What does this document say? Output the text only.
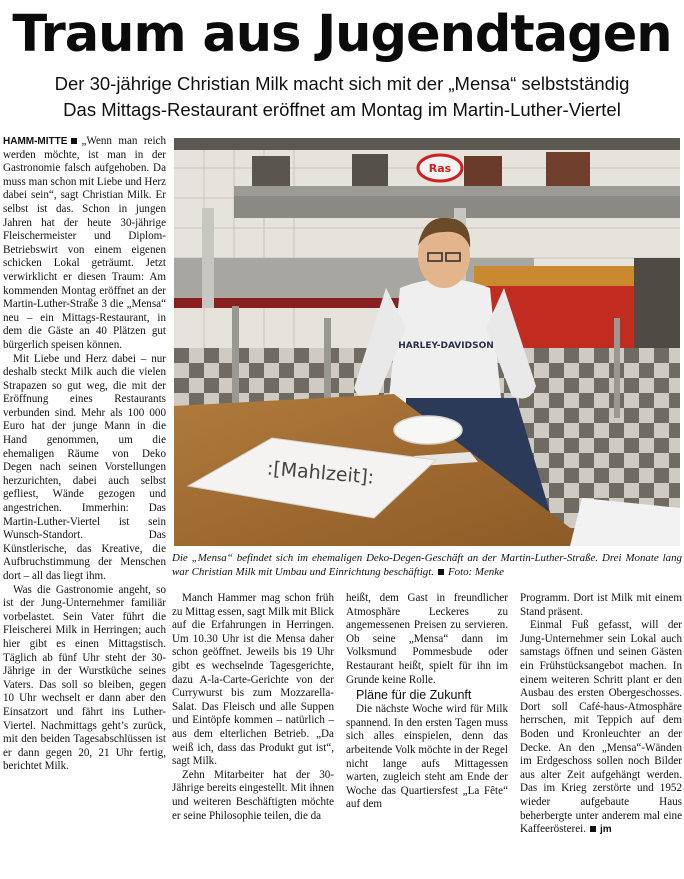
Traum aus Jugendtagen

Der 30-jährige Christian Milk macht sich mit der „Mensa“ selbstständig

Das Mittags-Restaurant eröffnet am Montag im Martin-Luther-Viertel

HAMM-MITTE „Wenn man reich werden möchte, ist man in der Gastronomie falsch aufgehoben. Da muss man schon mit Liebe und Herz dabei sein“, sagt Christian Milk. Er selbst ist das. Schon in jungen Jahren hat der heute 30-jährige Fleischermeister und Diplom-Betriebswirt von einem eigenen schicken Lokal geträumt. Jetzt verwirklicht er diesen Traum: Am kommenden Montag eröffnet an der Martin-Luther-Straße 3 die „Mensa“ neu – ein Mittags-Restaurant, in dem die Gäste an 40 Plätzen gut bürgerlich speisen können.

Mit Liebe und Herz dabei – nur deshalb steckt Milk auch die vielen Strapazen so gut weg, die mit der Eröffnung eines Restaurants verbunden sind. Mehr als 100 000 Euro hat der junge Mann in die Hand genommen, um die ehemaligen Räume von Deko Degen nach seinen Vorstellungen herzurichten, dabei auch selbst gefliest, Wände gezogen und angestrichen. Immerhin: Das Martin-Luther-Viertel ist sein Wunsch-Standort. Das Künstlerische, das Kreative, die Aufbruchstimmung der Menschen dort – all das liegt ihm.

Was die Gastronomie angeht, so ist der Jung-Unternehmer familiär vorbelastet. Sein Vater führt die Fleischerei Milk in Herringen; auch hier gibt es einen Mittagstisch. Täglich ab fünf Uhr steht der 30-Jährige in der Wurstküche seines Vaters. Das soll so bleiben, gegen 10 Uhr wechselt er dann aber den Einsatzort und fährt ins Luther-Viertel. Nachmittags geht’s zurück, mit den beiden Tagesabschlüssen ist er dann gegen 20, 21 Uhr fertig, berichtet Milk.

Ras
HARLEY-DAVIDSON
:[Mahlzeit]:
Die „Mensa“ befindet sich im ehemaligen Deko-Degen-Geschäft an der Martin-Luther-Straße. Drei Monate lang war Christian Milk mit Umbau und Einrichtung beschäftigt. Foto: Menke

Manch Hammer mag schon früh zu Mittag essen, sagt Milk mit Blick auf die Erfahrungen in Herringen. Um 10.30 Uhr ist die Mensa daher schon geöffnet. Jeweils bis 19 Uhr gibt es wechselnde Tagesgerichte, dazu A-la-Carte-Gerichte von der Currywurst bis zum Mozzarella-Salat. Das Fleisch und alle Suppen und Eintöpfe kommen – natürlich – aus dem elterlichen Betrieb. „Da weiß ich, dass das Produkt gut ist“, sagt Milk.

Zehn Mitarbeiter hat der 30-Jährige bereits eingestellt. Mit ihnen und weiteren Beschäftigten möchte er seine Philosophie teilen, die da

heißt, dem Gast in freundlicher Atmosphäre Leckeres zu angemessenen Preisen zu servieren. Ob seine „Mensa“ dann im Volksmund Pommesbude oder Restaurant heißt, spielt für ihn im Grunde keine Rolle.

Pläne für die Zukunft

Die nächste Woche wird für Milk spannend. In den ersten Tagen muss sich alles einspielen, denn das arbeitende Volk möchte in der Regel nicht lange aufs Mittagessen warten, zugleich steht am Ende der Woche das Quartiersfest „La Fête“ auf dem

Programm. Dort ist Milk mit einem Stand präsent.

Einmal Fuß gefasst, will der Jung-Unternehmer sein Lokal auch samstags öffnen und seinen Gästen ein Frühstücksangebot machen. In einem weiteren Schritt plant er den Ausbau des ersten Obergeschosses. Dort soll Café-haus-Atmosphäre herrschen, mit Teppich auf dem Boden und Kronleuchter an der Decke. An den „Mensa“-Wänden im Erdgeschoss sollen noch Bilder aus alter Zeit aufgehängt werden. Das im Krieg zerstörte und 1952 wieder aufgebaute Haus beherbergte unter anderem mal eine Kaffeerösterei. jm
